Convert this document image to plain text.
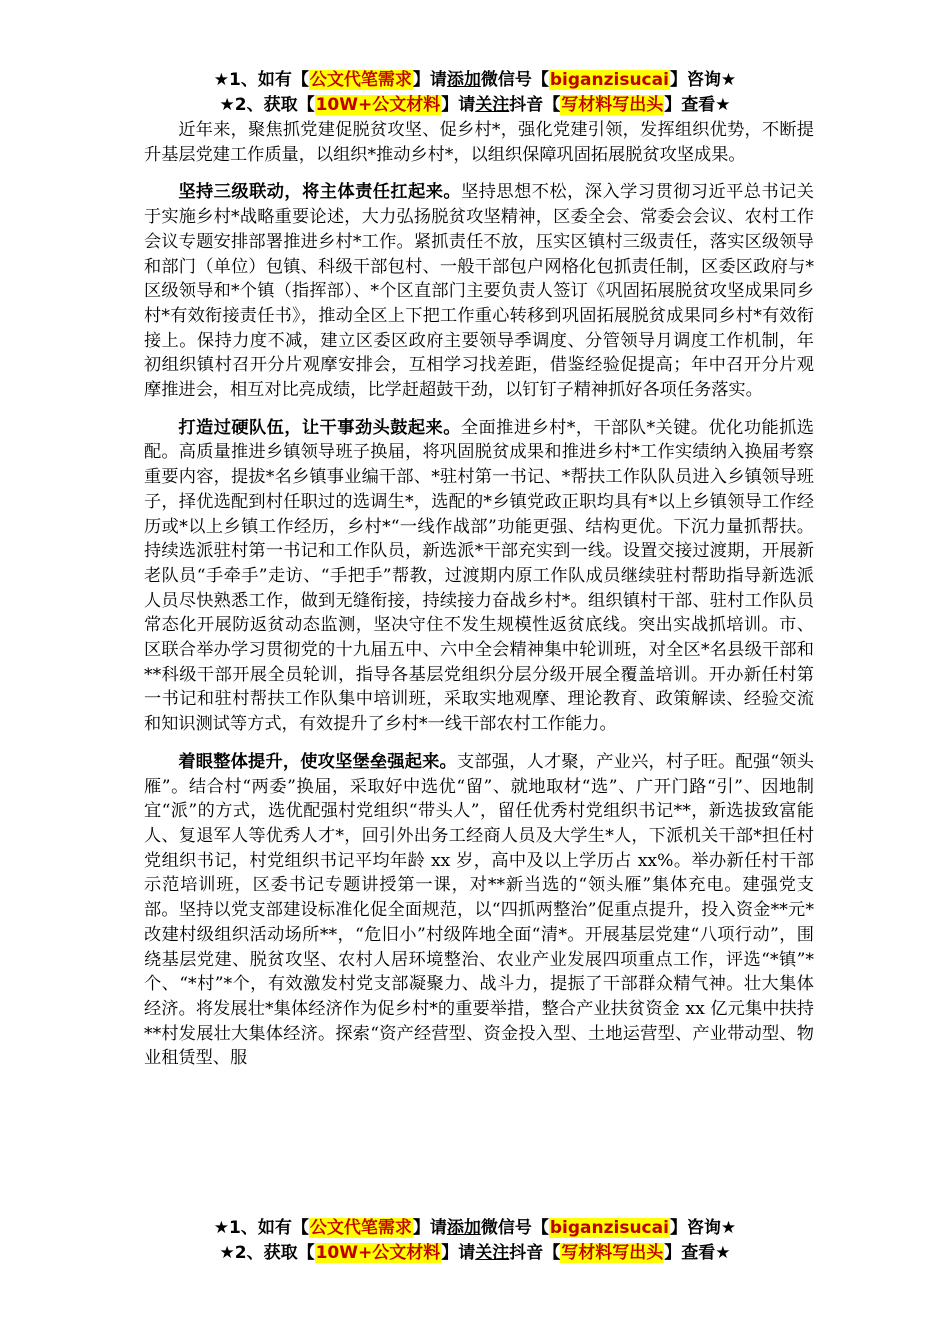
★1、如有【公文代笔需求】请添加微信号【biganzisucai】咨询★
★2、获取【10W+公文材料】请关注抖音【写材料写出头】查看★

近年来，聚焦抓党建促脱贫攻坚、促乡村*，强化党建引领，发挥组织优势，不断提升基层党建工作质量，以组织*推动乡村*，以组织保障巩固拓展脱贫攻坚成果。

坚持三级联动，将主体责任扛起来。坚持思想不松，深入学习贯彻习近平总书记关于实施乡村*战略重要论述，大力弘扬脱贫攻坚精神，区委全会、常委会会议、农村工作会议专题安排部署推进乡村*工作。紧抓责任不放，压实区镇村三级责任，落实区级领导和部门（单位）包镇、科级干部包村、一般干部包户网格化包抓责任制，区委区政府与*区级领导和*个镇（指挥部）、*个区直部门主要负责人签订《巩固拓展脱贫攻坚成果同乡村*有效衔接责任书》，推动全区上下把工作重心转移到巩固拓展脱贫成果同乡村*有效衔接上。保持力度不减，建立区委区政府主要领导季调度、分管领导月调度工作机制，年初组织镇村召开分片观摩安排会，互相学习找差距，借鉴经验促提高；年中召开分片观摩推进会，相互对比亮成绩，比学赶超鼓干劲，以钉钉子精神抓好各项任务落实。

打造过硬队伍，让干事劲头鼓起来。全面推进乡村*，干部队*关键。优化功能抓选配。高质量推进乡镇领导班子换届，将巩固脱贫成果和推进乡村*工作实绩纳入换届考察重要内容，提拔*名乡镇事业编干部、*驻村第一书记、*帮扶工作队队员进入乡镇领导班子，择优选配到村任职过的选调生*，选配的*乡镇党政正职均具有*以上乡镇领导工作经历或*以上乡镇工作经历，乡村*“一线作战部”功能更强、结构更优。下沉力量抓帮扶。持续选派驻村第一书记和工作队员，新选派*干部充实到一线。设置交接过渡期，开展新老队员“手牵手”走访、“手把手”帮教，过渡期内原工作队成员继续驻村帮助指导新选派人员尽快熟悉工作，做到无缝衔接，持续接力奋战乡村*。组织镇村干部、驻村工作队员常态化开展防返贫动态监测，坚决守住不发生规模性返贫底线。突出实战抓培训。市、区联合举办学习贯彻党的十九届五中、六中全会精神集中轮训班，对全区*名县级干部和**科级干部开展全员轮训，指导各基层党组织分层分级开展全覆盖培训。开办新任村第一书记和驻村帮扶工作队集中培训班，采取实地观摩、理论教育、政策解读、经验交流和知识测试等方式，有效提升了乡村*一线干部农村工作能力。

着眼整体提升，使攻坚堡垒强起来。支部强，人才聚，产业兴，村子旺。配强“领头雁”。结合村“两委”换届，采取好中选优“留”、就地取材“选”、广开门路“引”、因地制宜“派”的方式，选优配强村党组织“带头人”，留任优秀村党组织书记**，新选拔致富能人、复退军人等优秀人才*，回引外出务工经商人员及大学生*人，下派机关干部*担任村党组织书记，村党组织书记平均年龄 xx 岁，高中及以上学历占 xx%。举办新任村干部示范培训班，区委书记专题讲授第一课，对**新当选的“领头雁”集体充电。建强党支部。坚持以党支部建设标准化促全面规范，以“四抓两整治”促重点提升，投入资金**元*改建村级组织活动场所**，“危旧小”村级阵地全面“清*。开展基层党建“八项行动”，围绕基层党建、脱贫攻坚、农村人居环境整治、农业产业发展四项重点工作，评选“*镇”*个、“*村”*个，有效激发村党支部凝聚力、战斗力，提振了干部群众精气神。壮大集体经济。将发展壮*集体经济作为促乡村*的重要举措，整合产业扶贫资金 xx 亿元集中扶持**村发展壮大集体经济。探索“资产经营型、资金投入型、土地运营型、产业带动型、物业租赁型、服

★1、如有【公文代笔需求】请添加微信号【biganzisucai】咨询★
★2、获取【10W+公文材料】请关注抖音【写材料写出头】查看★
